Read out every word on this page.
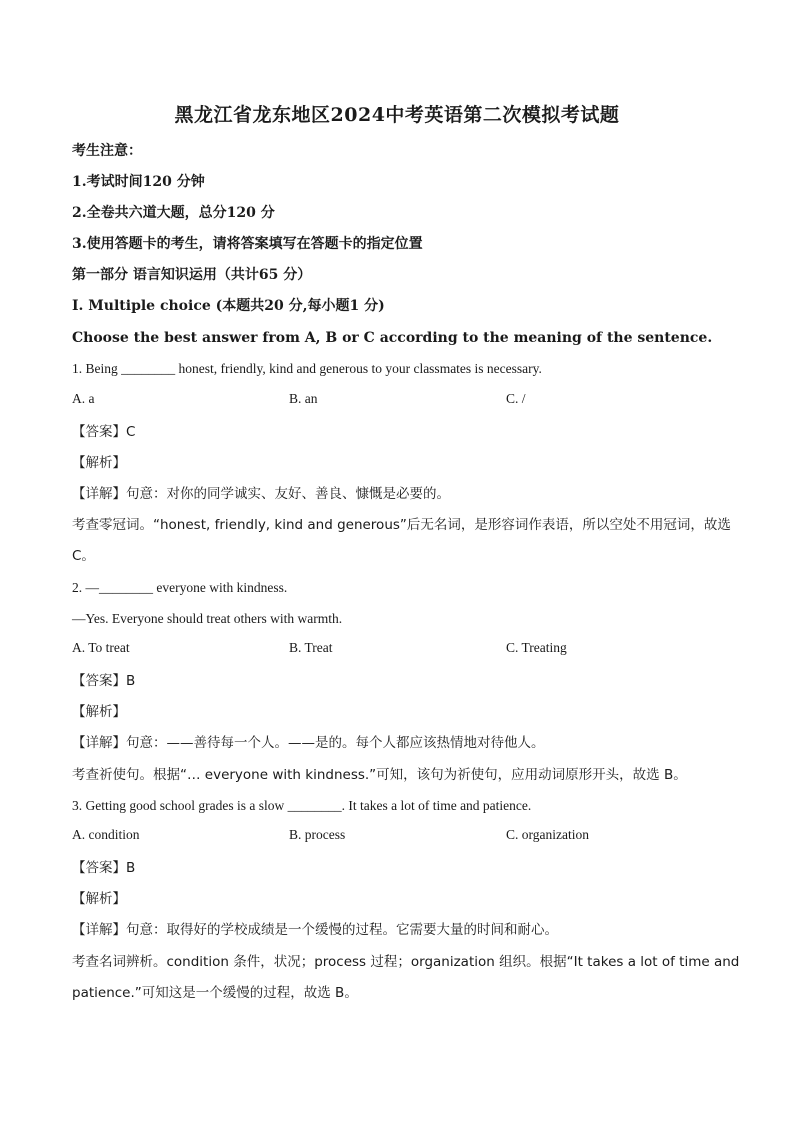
黑龙江省龙东地区2024中考英语第二次模拟考试题
考生注意：
1.考试时间120 分钟
2.全卷共六道大题，总分120 分
3.使用答题卡的考生，请将答案填写在答题卡的指定位置
第一部分 语言知识运用（共计65 分）
Ⅰ. Multiple choice (本题共20 分,每小题1 分)
Choose the best answer from A, B or C according to the meaning of the sentence.
1. Being ________ honest, friendly, kind and generous to your classmates is necessary.
A. a	B. an	C. /
【答案】C
【解析】
【详解】句意：对你的同学诚实、友好、善良、慷慨是必要的。
考查零冠词。“honest, friendly, kind and generous”后无名词，是形容词作表语，所以空处不用冠词，故选
C。
2. —________ everyone with kindness.
—Yes. Everyone should treat others with warmth.
A. To treat	B. Treat	C. Treating
【答案】B
【解析】
【详解】句意：——善待每一个人。——是的。每个人都应该热情地对待他人。
考查祈使句。根据“… everyone with kindness.”可知，该句为祈使句，应用动词原形开头，故选 B。
3. Getting good school grades is a slow ________. It takes a lot of time and patience.
A. condition	B. process	C. organization
【答案】B
【解析】
【详解】句意：取得好的学校成绩是一个缓慢的过程。它需要大量的时间和耐心。
考查名词辨析。condition 条件，状况；process 过程；organization 组织。根据“It takes a lot of time and
patience.”可知这是一个缓慢的过程，故选 B。
